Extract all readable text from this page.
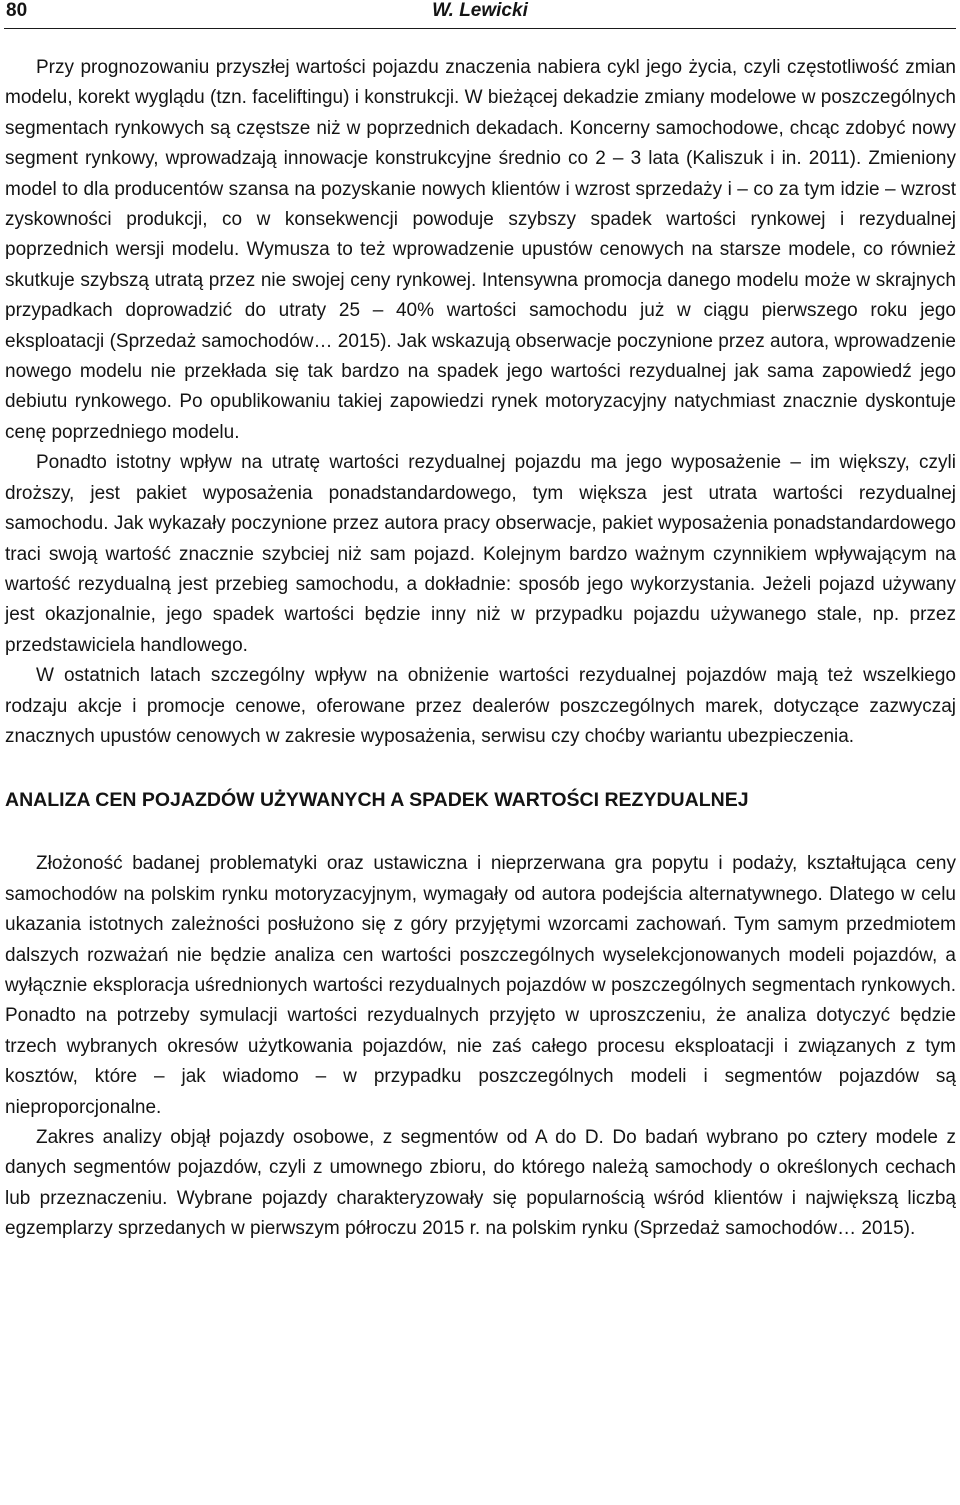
80	W. Lewicki

Przy prognozowaniu przyszłej wartości pojazdu znaczenia nabiera cykl jego życia, czyli częstotliwość zmian modelu, korekt wyglądu (tzn. faceliftingu) i konstrukcji. W bieżącej dekadzie zmiany modelowe w poszczególnych segmentach rynkowych są częstsze niż w poprzednich dekadach. Koncerny samochodowe, chcąc zdobyć nowy segment rynkowy, wprowadzają innowacje konstrukcyjne średnio co 2 – 3 lata (Kaliszuk i in. 2011). Zmieniony model to dla producentów szansa na pozyskanie nowych klientów i wzrost sprzedaży i – co za tym idzie – wzrost zyskowności produkcji, co w konsekwencji powoduje szybszy spadek wartości rynkowej i rezydualnej poprzednich wersji modelu. Wymusza to też wprowadzenie upustów cenowych na starsze modele, co również skutkuje szybszą utratą przez nie swojej ceny rynkowej. Intensywna promocja danego modelu może w skrajnych przypadkach doprowadzić do utraty 25 – 40% wartości samochodu już w ciągu pierwszego roku jego eksploatacji (Sprzedaż samochodów… 2015). Jak wskazują obserwacje poczynione przez autora, wprowadzenie nowego modelu nie przekłada się tak bardzo na spadek jego wartości rezydualnej jak sama zapowiedź jego debiutu rynkowego. Po opublikowaniu takiej zapowiedzi rynek motoryzacyjny natychmiast znacznie dyskontuje cenę poprzedniego modelu.

Ponadto istotny wpływ na utratę wartości rezydualnej pojazdu ma jego wyposażenie – im większy, czyli droższy, jest pakiet wyposażenia ponadstandardowego, tym większa jest utrata wartości rezydualnej samochodu. Jak wykazały poczynione przez autora pracy obserwacje, pakiet wyposażenia ponadstandardowego traci swoją wartość znacznie szybciej niż sam pojazd. Kolejnym bardzo ważnym czynnikiem wpływającym na wartość rezydualną jest przebieg samochodu, a dokładnie: sposób jego wykorzystania. Jeżeli pojazd używany jest okazjonalnie, jego spadek wartości będzie inny niż w przypadku pojazdu używanego stale, np. przez przedstawiciela handlowego.

W ostatnich latach szczególny wpływ na obniżenie wartości rezydualnej pojazdów mają też wszelkiego rodzaju akcje i promocje cenowe, oferowane przez dealerów poszczególnych marek, dotyczące zazwyczaj znacznych upustów cenowych w zakresie wyposażenia, serwisu czy choćby wariantu ubezpieczenia.

ANALIZA CEN POJAZDÓW UŻYWANYCH A SPADEK WARTOŚCI REZYDUALNEJ

Złożoność badanej problematyki oraz ustawiczna i nieprzerwana gra popytu i podaży, kształtująca ceny samochodów na polskim rynku motoryzacyjnym, wymagały od autora podejścia alternatywnego. Dlatego w celu ukazania istotnych zależności posłużono się z góry przyjętymi wzorcami zachowań. Tym samym przedmiotem dalszych rozważań nie będzie analiza cen wartości poszczególnych wyselekcjonowanych modeli pojazdów, a wyłącznie eksploracja uśrednionych wartości rezydualnych pojazdów w poszczególnych segmentach rynkowych. Ponadto na potrzeby symulacji wartości rezydualnych przyjęto w uproszczeniu, że analiza dotyczyć będzie trzech wybranych okresów użytkowania pojazdów, nie zaś całego procesu eksploatacji i związanych z tym kosztów, które – jak wiadomo – w przypadku poszczególnych modeli i segmentów pojazdów są nieproporcjonalne.

Zakres analizy objął pojazdy osobowe, z segmentów od A do D. Do badań wybrano po cztery modele z danych segmentów pojazdów, czyli z umownego zbioru, do którego należą samochody o określonych cechach lub przeznaczeniu. Wybrane pojazdy charakteryzowały się popularnością wśród klientów i największą liczbą egzemplarzy sprzedanych w pierwszym półroczu 2015 r. na polskim rynku (Sprzedaż samochodów… 2015).
